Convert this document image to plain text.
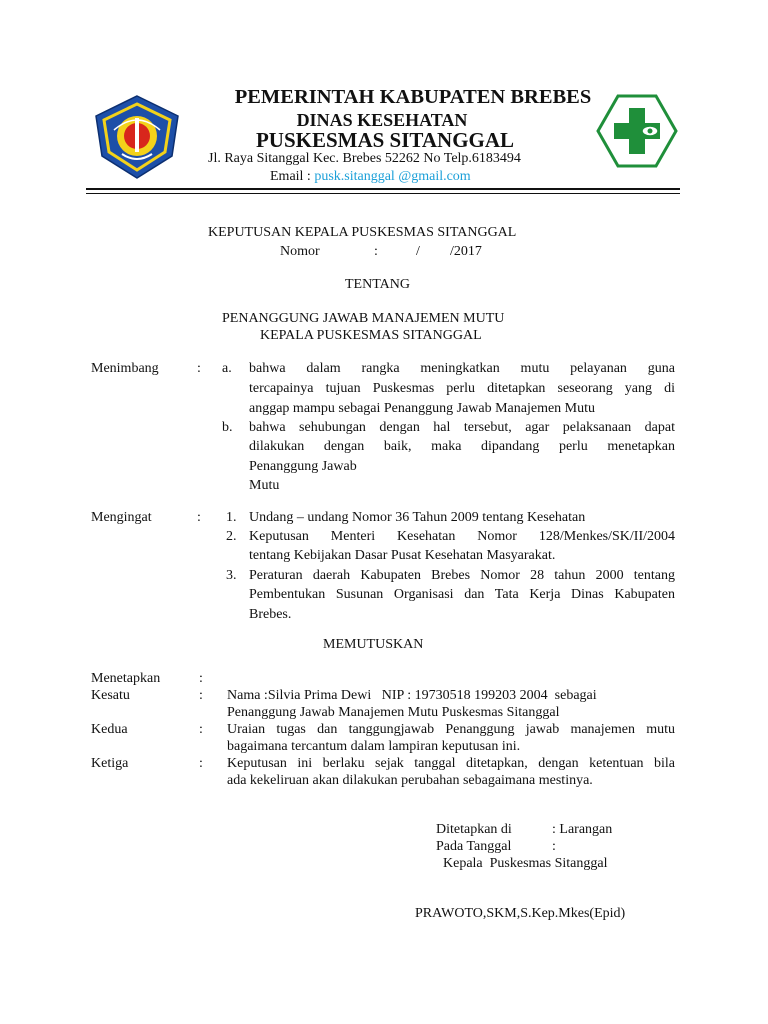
PEMERINTAH KABUPATEN BREBES
DINAS KESEHATAN
PUSKESMAS SITANGGAL
Jl. Raya Sitanggal Kec. Brebes 52262 No Telp.6183494
Email : pusk.sitanggal @gmail.com
KEPUTUSAN KEPALA PUSKESMAS SITANGGAL
Nomor	:	/ /2017
TENTANG
PENANGGUNG JAWAB MANAJEMEN MUTU
KEPALA PUSKESMAS SITANGGAL
Menimbang	: a. bahwa dalam rangka meningkatkan mutu pelayanan guna
tercapainya tujuan Puskesmas perlu ditetapkan seseorang yang di
anggap mampu sebagai Penanggung Jawab Manajemen Mutu
b. bahwa sehubungan dengan hal tersebut, agar pelaksanaan dapat
dilakukan dengan baik, maka dipandang perlu menetapkan
Penanggung Jawab
Mutu
Mengingat	: 1. Undang – undang Nomor 36 Tahun 2009 tentang Kesehatan
2. Keputusan Menteri Kesehatan Nomor 128/Menkes/SK/II/2004
tentang Kebijakan Dasar Pusat Kesehatan Masyarakat.
3. Peraturan daerah Kabupaten Brebes Nomor 28 tahun 2000 tentang
Pembentukan Susunan Organisasi dan Tata Kerja Dinas Kabupaten
Brebes.
MEMUTUSKAN
Menetapkan	:
Kesatu	: Nama :Silvia Prima Dewi   NIP : 19730518 199203 2004  sebagai
Penanggung Jawab Manajemen Mutu Puskesmas Sitanggal
Kedua	: Uraian tugas dan tanggungjawab Penanggung jawab manajemen mutu
bagaimana tercantum dalam lampiran keputusan ini.
Ketiga	: Keputusan ini berlaku sejak tanggal ditetapkan, dengan ketentuan bila
ada kekeliruan akan dilakukan perubahan sebagaimana mestinya.
Ditetapkan di	: Larangan
Pada Tanggal	:
Kepala  Puskesmas Sitanggal
PRAWOTO,SKM,S.Kep.Mkes(Epid)
